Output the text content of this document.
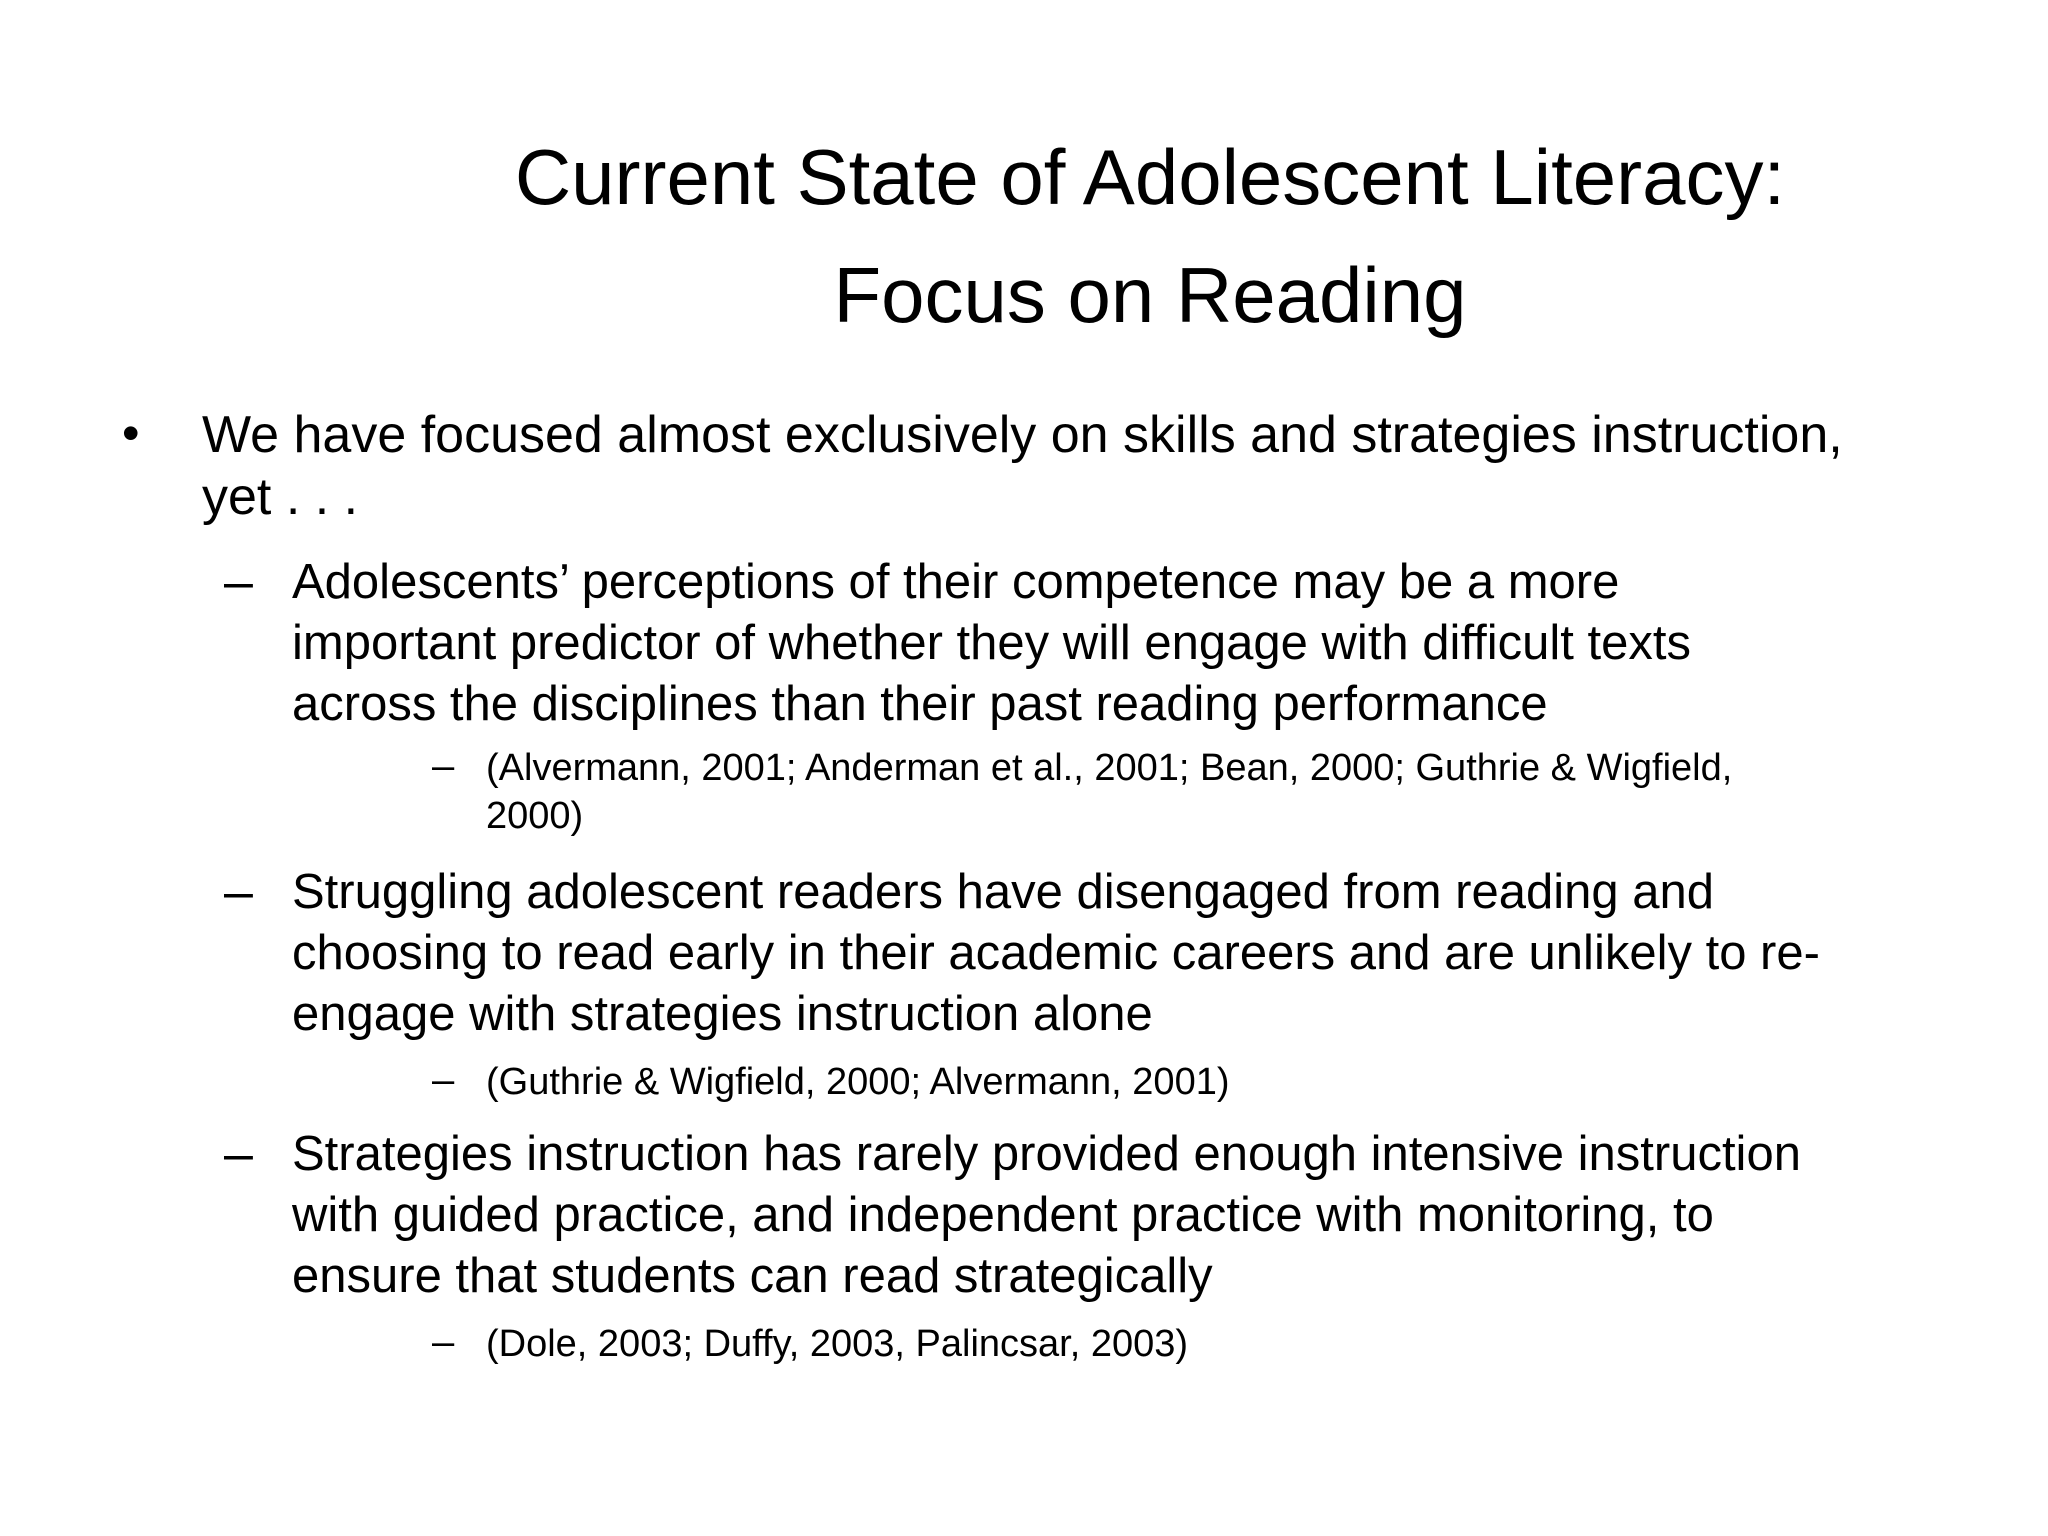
Current State of Adolescent Literacy:
Focus on Reading
• We have focused almost exclusively on skills and strategies instruction,
yet . . .
– Adolescents’ perceptions of their competence may be a more
important predictor of whether they will engage with difficult texts
across the disciplines than their past reading performance
– (Alvermann, 2001; Anderman et al., 2001; Bean, 2000; Guthrie & Wigfield,
2000)
– Struggling adolescent readers have disengaged from reading and
choosing to read early in their academic careers and are unlikely to re-
engage with strategies instruction alone
– (Guthrie & Wigfield, 2000; Alvermann, 2001)
– Strategies instruction has rarely provided enough intensive instruction
with guided practice, and independent practice with monitoring, to
ensure that students can read strategically
– (Dole, 2003; Duffy, 2003, Palincsar, 2003)
